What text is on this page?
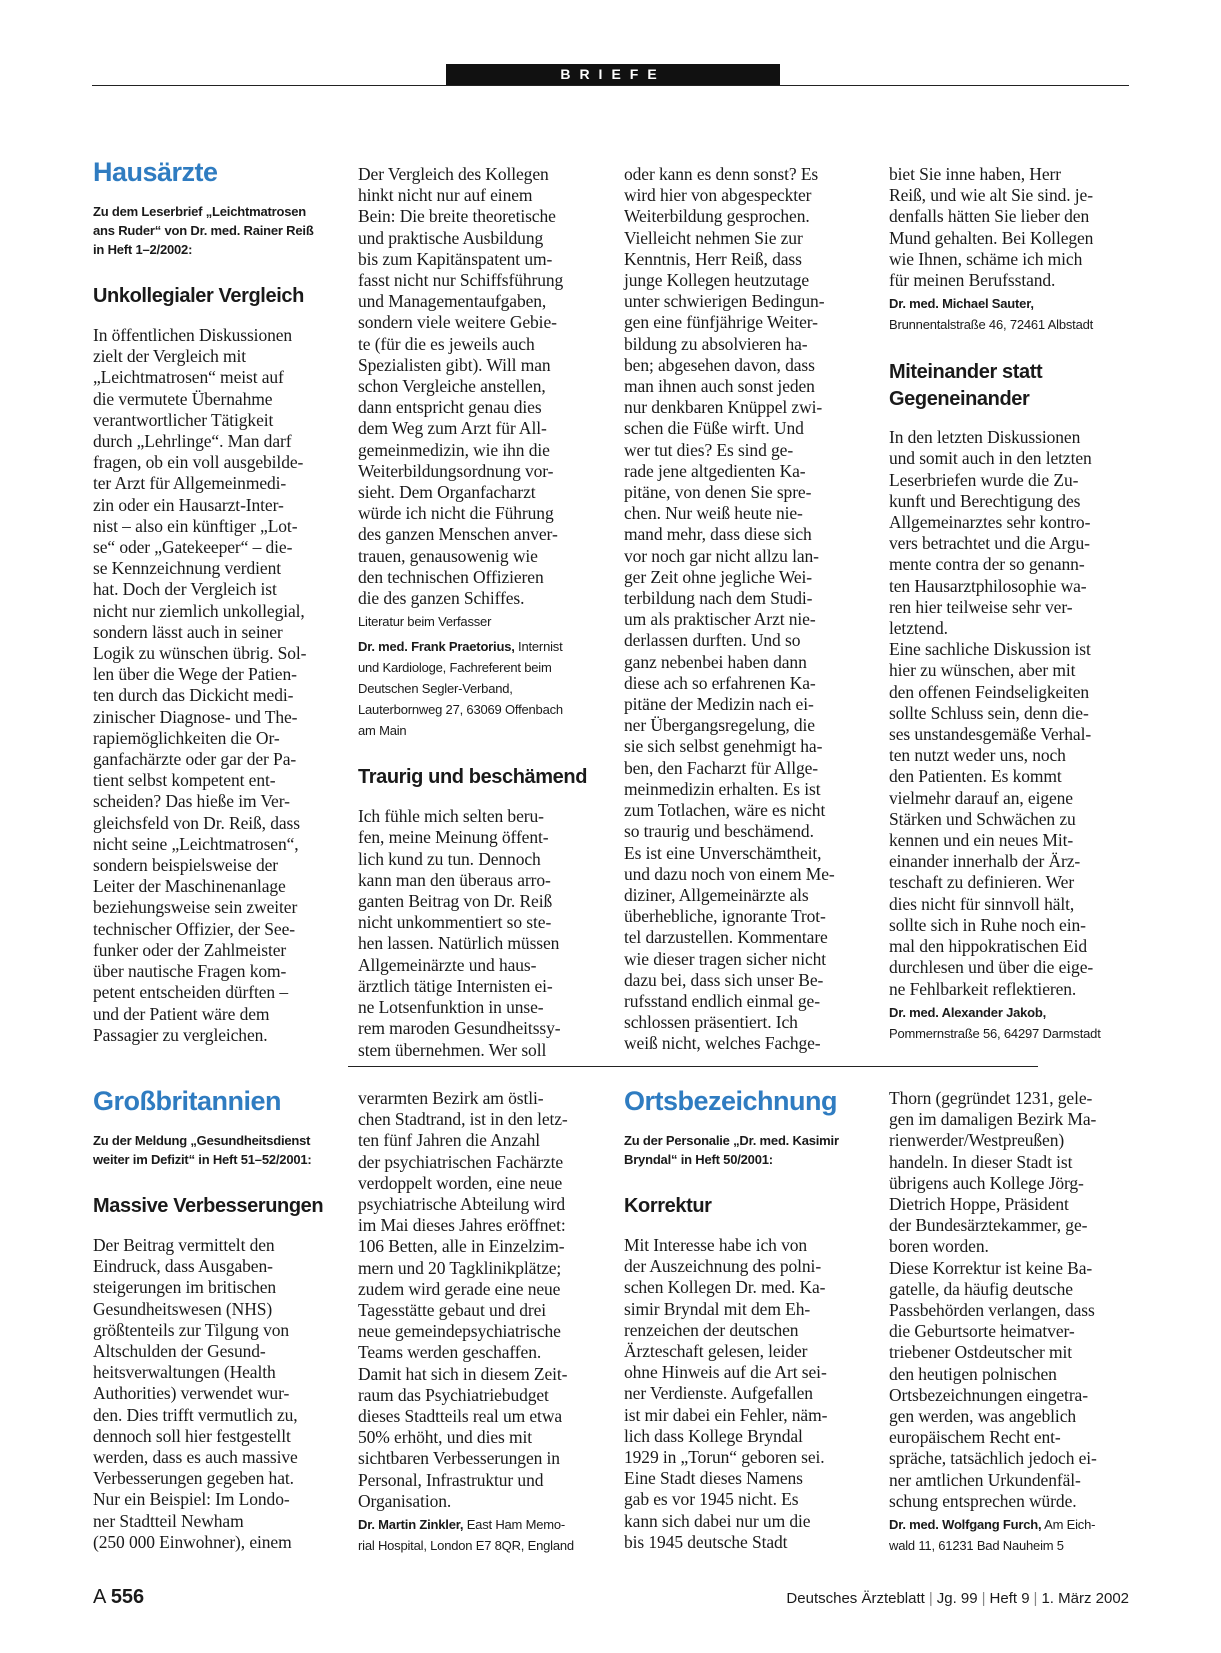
BRIEFE
Hausärzte
Zu dem Leserbrief „Leichtmatrosen
ans Ruder“ von Dr. med. Rainer Reiß
in Heft 1–2/2002:
Unkollegialer Vergleich
In öffentlichen Diskussionen
zielt der Vergleich mit
„Leichtmatrosen“ meist auf
die vermutete Übernahme
verantwortlicher Tätigkeit
durch „Lehrlinge“. Man darf
fragen, ob ein voll ausgebilde-
ter Arzt für Allgemeinmedi-
zin oder ein Hausarzt-Inter-
nist – also ein künftiger „Lot-
se“ oder „Gatekeeper“ – die-
se Kennzeichnung verdient
hat. Doch der Vergleich ist
nicht nur ziemlich unkollegial,
sondern lässt auch in seiner
Logik zu wünschen übrig. Sol-
len über die Wege der Patien-
ten durch das Dickicht medi-
zinischer Diagnose- und The-
rapiemöglichkeiten die Or-
ganfachärzte oder gar der Pa-
tient selbst kompetent ent-
scheiden? Das hieße im Ver-
gleichsfeld von Dr. Reiß, dass
nicht seine „Leichtmatrosen“,
sondern beispielsweise der
Leiter der Maschinenanlage
beziehungsweise sein zweiter
technischer Offizier, der See-
funker oder der Zahlmeister
über nautische Fragen kom-
petent entscheiden dürften –
und der Patient wäre dem
Passagier zu vergleichen.
Der Vergleich des Kollegen
hinkt nicht nur auf einem
Bein: Die breite theoretische
und praktische Ausbildung
bis zum Kapitänspatent um-
fasst nicht nur Schiffsführung
und Managementaufgaben,
sondern viele weitere Gebie-
te (für die es jeweils auch
Spezialisten gibt). Will man
schon Vergleiche anstellen,
dann entspricht genau dies
dem Weg zum Arzt für All-
gemeinmedizin, wie ihn die
Weiterbildungsordnung vor-
sieht. Dem Organfacharzt
würde ich nicht die Führung
des ganzen Menschen anver-
trauen, genausowenig wie
den technischen Offizieren
die des ganzen Schiffes.
Literatur beim Verfasser
Dr. med. Frank Praetorius, Internist
und Kardiologe, Fachreferent beim
Deutschen Segler-Verband,
Lauterbornweg 27, 63069 Offenbach
am Main
Traurig und beschämend
Ich fühle mich selten beru-
fen, meine Meinung öffent-
lich kund zu tun. Dennoch
kann man den überaus arro-
ganten Beitrag von Dr. Reiß
nicht unkommentiert so ste-
hen lassen. Natürlich müssen
Allgemeinärzte und haus-
ärztlich tätige Internisten ei-
ne Lotsenfunktion in unse-
rem maroden Gesundheitssy-
stem übernehmen. Wer soll
oder kann es denn sonst? Es
wird hier von abgespeckter
Weiterbildung gesprochen.
Vielleicht nehmen Sie zur
Kenntnis, Herr Reiß, dass
junge Kollegen heutzutage
unter schwierigen Bedingun-
gen eine fünfjährige Weiter-
bildung zu absolvieren ha-
ben; abgesehen davon, dass
man ihnen auch sonst jeden
nur denkbaren Knüppel zwi-
schen die Füße wirft. Und
wer tut dies? Es sind ge-
rade jene altgedienten Ka-
pitäne, von denen Sie spre-
chen. Nur weiß heute nie-
mand mehr, dass diese sich
vor noch gar nicht allzu lan-
ger Zeit ohne jegliche Wei-
terbildung nach dem Studi-
um als praktischer Arzt nie-
derlassen durften. Und so
ganz nebenbei haben dann
diese ach so erfahrenen Ka-
pitäne der Medizin nach ei-
ner Übergangsregelung, die
sie sich selbst genehmigt ha-
ben, den Facharzt für Allge-
meinmedizin erhalten. Es ist
zum Totlachen, wäre es nicht
so traurig und beschämend.
Es ist eine Unverschämtheit,
und dazu noch von einem Me-
diziner, Allgemeinärzte als
überhebliche, ignorante Trot-
tel darzustellen. Kommentare
wie dieser tragen sicher nicht
dazu bei, dass sich unser Be-
rufsstand endlich einmal ge-
schlossen präsentiert. Ich
weiß nicht, welches Fachge-
biet Sie inne haben, Herr
Reiß, und wie alt Sie sind. je-
denfalls hätten Sie lieber den
Mund gehalten. Bei Kollegen
wie Ihnen, schäme ich mich
für meinen Berufsstand.
Dr. med. Michael Sauter,
Brunnentalstraße 46, 72461 Albstadt
Miteinander statt
Gegeneinander
In den letzten Diskussionen
und somit auch in den letzten
Leserbriefen wurde die Zu-
kunft und Berechtigung des
Allgemeinarztes sehr kontro-
vers betrachtet und die Argu-
mente contra der so genann-
ten Hausarztphilosophie wa-
ren hier teilweise sehr ver-
letztend.
Eine sachliche Diskussion ist
hier zu wünschen, aber mit
den offenen Feindseligkeiten
sollte Schluss sein, denn die-
ses unstandesgemäße Verhal-
ten nutzt weder uns, noch
den Patienten. Es kommt
vielmehr darauf an, eigene
Stärken und Schwächen zu
kennen und ein neues Mit-
einander innerhalb der Ärz-
teschaft zu definieren. Wer
dies nicht für sinnvoll hält,
sollte sich in Ruhe noch ein-
mal den hippokratischen Eid
durchlesen und über die eige-
ne Fehlbarkeit reflektieren.
Dr. med. Alexander Jakob,
Pommernstraße 56, 64297 Darmstadt
Großbritannien
Zu der Meldung „Gesundheitsdienst
weiter im Defizit“ in Heft 51–52/2001:
Massive Verbesserungen
Der Beitrag vermittelt den
Eindruck, dass Ausgaben-
steigerungen im britischen
Gesundheitswesen (NHS)
größtenteils zur Tilgung von
Altschulden der Gesund-
heitsverwaltungen (Health
Authorities) verwendet wur-
den. Dies trifft vermutlich zu,
dennoch soll hier festgestellt
werden, dass es auch massive
Verbesserungen gegeben hat.
Nur ein Beispiel: Im Londo-
ner Stadtteil Newham
(250 000 Einwohner), einem
verarmten Bezirk am östli-
chen Stadtrand, ist in den letz-
ten fünf Jahren die Anzahl
der psychiatrischen Fachärzte
verdoppelt worden, eine neue
psychiatrische Abteilung wird
im Mai dieses Jahres eröffnet:
106 Betten, alle in Einzelzim-
mern und 20 Tagklinikplätze;
zudem wird gerade eine neue
Tagesstätte gebaut und drei
neue gemeindepsychiatrische
Teams werden geschaffen.
Damit hat sich in diesem Zeit-
raum das Psychiatriebudget
dieses Stadtteils real um etwa
50% erhöht, und dies mit
sichtbaren Verbesserungen in
Personal, Infrastruktur und
Organisation.
Dr. Martin Zinkler, East Ham Memo-
rial Hospital, London E7 8QR, England
Ortsbezeichnung
Zu der Personalie „Dr. med. Kasimir
Bryndal“ in Heft 50/2001:
Korrektur
Mit Interesse habe ich von
der Auszeichnung des polni-
schen Kollegen Dr. med. Ka-
simir Bryndal mit dem Eh-
renzeichen der deutschen
Ärzteschaft gelesen, leider
ohne Hinweis auf die Art sei-
ner Verdienste. Aufgefallen
ist mir dabei ein Fehler, näm-
lich dass Kollege Bryndal
1929 in „Torun“ geboren sei.
Eine Stadt dieses Namens
gab es vor 1945 nicht. Es
kann sich dabei nur um die
bis 1945 deutsche Stadt
Thorn (gegründet 1231, gele-
gen im damaligen Bezirk Ma-
rienwerder/Westpreußen)
handeln. In dieser Stadt ist
übrigens auch Kollege Jörg-
Dietrich Hoppe, Präsident
der Bundesärztekammer, ge-
boren worden.
Diese Korrektur ist keine Ba-
gatelle, da häufig deutsche
Passbehörden verlangen, dass
die Geburtsorte heimatver-
triebener Ostdeutscher mit
den heutigen polnischen
Ortsbezeichnungen eingetra-
gen werden, was angeblich
europäischem Recht ent-
spräche, tatsächlich jedoch ei-
ner amtlichen Urkundenfäl-
schung entsprechen würde.
Dr. med. Wolfgang Furch, Am Eich-
wald 11, 61231 Bad Nauheim 5
A 556	Deutsches Ärzteblatt | Jg. 99 | Heft 9 | 1. März 2002
